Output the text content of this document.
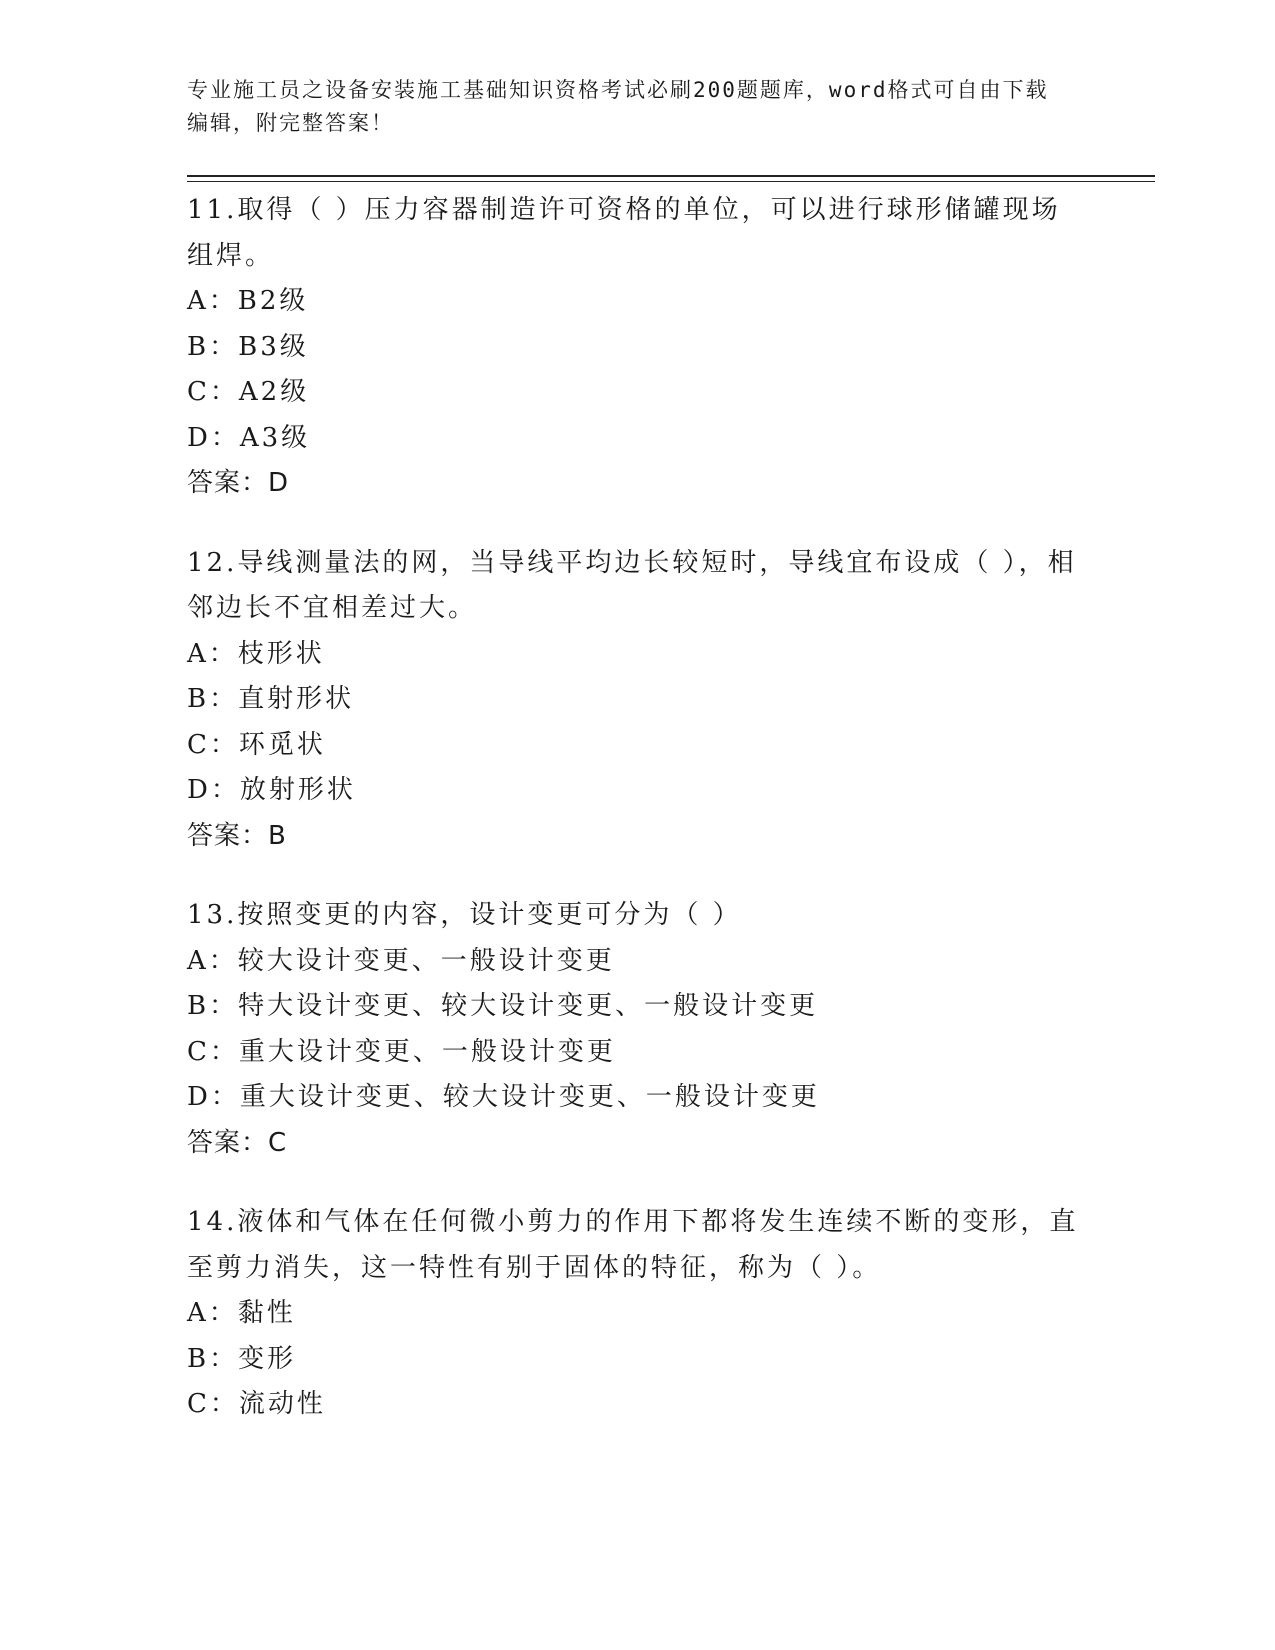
专业施工员之设备安装施工基础知识资格考试必刷200题题库，word格式可自由下载编辑，附完整答案！
11.取得（ ）压力容器制造许可资格的单位，可以进行球形储罐现场组焊。
A：B2级
B：B3级
C：A2级
D：A3级
答案：D
12.导线测量法的网，当导线平均边长较短时，导线宜布设成（ ），相邻边长不宜相差过大。
A：枝形状
B：直射形状
C：环觅状
D：放射形状
答案：B
13.按照变更的内容，设计变更可分为（ ）
A：较大设计变更、一般设计变更
B：特大设计变更、较大设计变更、一般设计变更
C：重大设计变更、一般设计变更
D：重大设计变更、较大设计变更、一般设计变更
答案：C
14.液体和气体在任何微小剪力的作用下都将发生连续不断的变形，直至剪力消失，这一特性有别于固体的特征，称为（ ）。
A：黏性
B：变形
C：流动性
